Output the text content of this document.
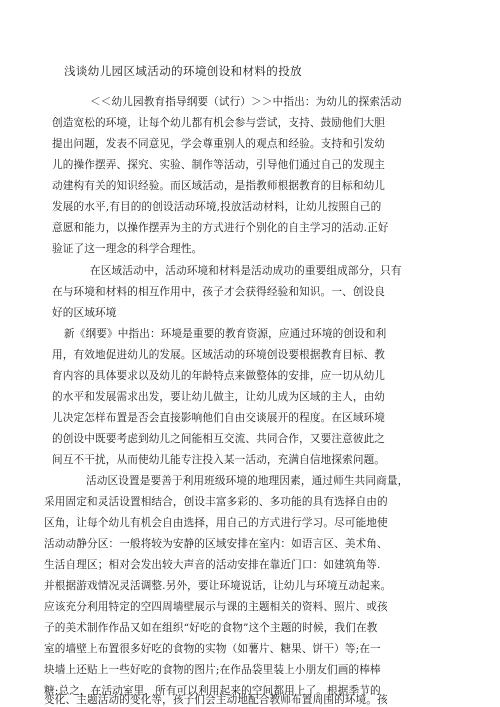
浅谈幼儿园区域活动的环境创设和材料的投放
＜＜幼儿园教育指导纲要（试行）＞＞中指出：为幼儿的探索活动
创造宽松的环境，让每个幼儿都有机会参与尝试，支持、鼓励他们大胆
提出问题，发表不同意见，学会尊重别人的观点和经验。支持和引发幼
儿的操作摆弄、探究、实验、制作等活动，引导他们通过自己的发现主
动建构有关的知识经验。而区域活动，是指教师根据教育的目标和幼儿
发展的水平,有目的的创设活动环境,投放活动材料，让幼儿按照自己的
意愿和能力，以操作摆弄为主的方式进行个别化的自主学习的活动.正好
验证了这一理念的科学合理性。
在区域活动中，活动环境和材料是活动成功的重要组成部分，只有
在与环境和材料的相互作用中，孩子才会获得经验和知识。一、创设良
好的区域环境
新《纲要》中指出：环境是重要的教育资源，应通过环境的创设和利
用，有效地促进幼儿的发展。区域活动的环境创设要根据教育目标、教
育内容的具体要求以及幼儿的年龄特点来做整体的安排，应一切从幼儿
的水平和发展需求出发，要让幼儿做主，让幼儿成为区域的主人，由幼
儿决定怎样布置是否会直接影响他们自由交谈展开的程度。在区域环境
的创设中既要考虑到幼儿之间能相互交流、共同合作，又要注意彼此之
间互不干扰，从而使幼儿能专注投入某一活动，充满自信地探索问题。
活动区设置是要善于利用班级环境的地理因素，通过师生共同商量，
采用固定和灵活设置相结合，创设丰富多彩的、多功能的具有选择自由的
区角，让每个幼儿有机会自由选择，用自己的方式进行学习。尽可能地使
活动动静分区：一般将较为安静的区域安排在室内：如语言区、美术角、
生活自理区；相对会发出较大声音的活动安排在靠近门口：如建筑角等.
并根据游戏情况灵活调整.另外，要让环境说话，让幼儿与环境互动起来。
应该充分利用特定的空四周墙壁展示与课的主题相关的资料、照片、或孩
子的美术制作作品又如在组织“好吃的食物”这个主题的时候，我们在教
室的墙壁上布置很多好吃的食物的实物（如薯片、糖果、饼干）等;在一
块墙上还贴上一些好吃的食物的图片;在作品袋里装上小朋友们画的棒棒
糖;总之，在活动室里，所有可以利用起来的空间都用上了。根据季节的
变化、主题活动的变化等，孩子们会主动地配合教师布置周围的环境。孩
